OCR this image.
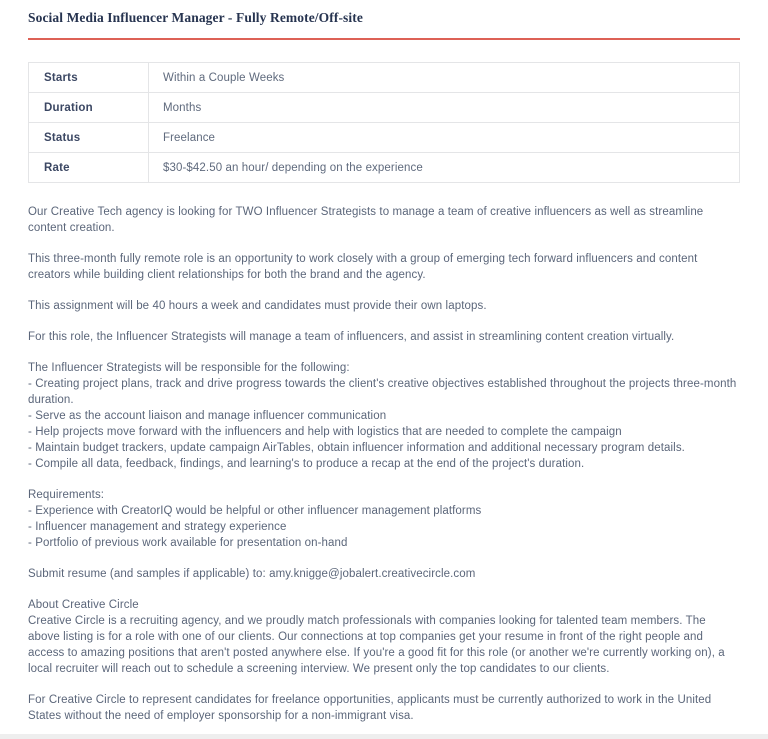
Social Media Influencer Manager - Fully Remote/Off-site
Starts	Within a Couple Weeks
Duration	Months
Status	Freelance
Rate	$30-$42.50 an hour/ depending on the experience

Our Creative Tech agency is looking for TWO Influencer Strategists to manage a team of creative influencers as well as streamline content creation.

This three-month fully remote role is an opportunity to work closely with a group of emerging tech forward influencers and content creators while building client relationships for both the brand and the agency.

This assignment will be 40 hours a week and candidates must provide their own laptops.

For this role, the Influencer Strategists will manage a team of influencers, and assist in streamlining content creation virtually.

The Influencer Strategists will be responsible for the following:
- Creating project plans, track and drive progress towards the client's creative objectives established throughout the projects three-month duration.
- Serve as the account liaison and manage influencer communication
- Help projects move forward with the influencers and help with logistics that are needed to complete the campaign
- Maintain budget trackers, update campaign AirTables, obtain influencer information and additional necessary program details.
- Compile all data, feedback, findings, and learning's to produce a recap at the end of the project's duration.
Requirements:
- Experience with CreatorIQ would be helpful or other influencer management platforms
- Influencer management and strategy experience
- Portfolio of previous work available for presentation on-hand

Submit resume (and samples if applicable) to: amy.knigge@jobalert.creativecircle.com

About Creative Circle
Creative Circle is a recruiting agency, and we proudly match professionals with companies looking for talented team members. The above listing is for a role with one of our clients. Our connections at top companies get your resume in front of the right people and access to amazing positions that aren't posted anywhere else. If you're a good fit for this role (or another we're currently working on), a local recruiter will reach out to schedule a screening interview. We present only the top candidates to our clients.

For Creative Circle to represent candidates for freelance opportunities, applicants must be currently authorized to work in the United States without the need of employer sponsorship for a non-immigrant visa.
